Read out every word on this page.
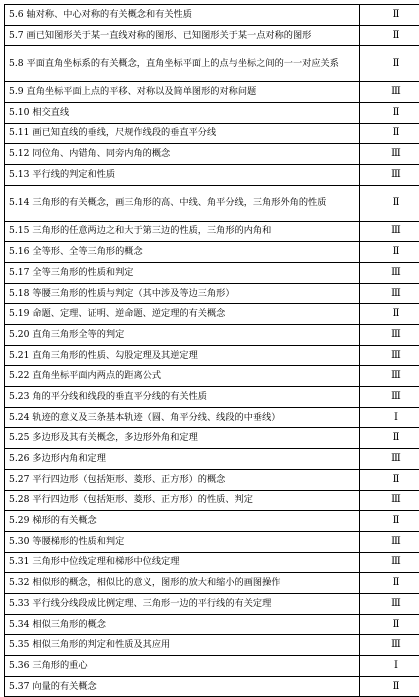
5.6 轴对称、中心对称的有关概念和有关性质	Ⅱ
5.7 画已知图形关于某一直线对称的图形、已知图形关于某一点对称的图形	Ⅱ
5.8 平面直角坐标系的有关概念，直角坐标平面上的点与坐标之间的一一对应关系	Ⅱ
5.9 直角坐标平面上点的平移、对称以及简单图形的对称问题	Ⅲ
5.10 相交直线	Ⅱ
5.11 画已知直线的垂线，尺规作线段的垂直平分线	Ⅱ
5.12 同位角、内错角、同旁内角的概念	Ⅲ
5.13 平行线的判定和性质	Ⅲ
5.14 三角形的有关概念，画三角形的高、中线、角平分线，三角形外角的性质	Ⅱ
5.15 三角形的任意两边之和大于第三边的性质，三角形的内角和	Ⅲ
5.16 全等形、全等三角形的概念	Ⅱ
5.17 全等三角形的性质和判定	Ⅲ
5.18 等腰三角形的性质与判定（其中涉及等边三角形）	Ⅲ
5.19 命题、定理、证明、逆命题、逆定理的有关概念	Ⅱ
5.20 直角三角形全等的判定	Ⅲ
5.21 直角三角形的性质、勾股定理及其逆定理	Ⅲ
5.22 直角坐标平面内两点的距离公式	Ⅲ
5.23 角的平分线和线段的垂直平分线的有关性质	Ⅲ
5.24 轨迹的意义及三条基本轨迹（圆、角平分线、线段的中垂线）	Ⅰ
5.25 多边形及其有关概念，多边形外角和定理	Ⅱ
5.26 多边形内角和定理	Ⅲ
5.27 平行四边形（包括矩形、菱形、正方形）的概念	Ⅱ
5.28 平行四边形（包括矩形、菱形、正方形）的性质、判定	Ⅲ
5.29 梯形的有关概念	Ⅱ
5.30 等腰梯形的性质和判定	Ⅲ
5.31 三角形中位线定理和梯形中位线定理	Ⅲ
5.32 相似形的概念，相似比的意义，图形的放大和缩小的画图操作	Ⅱ
5.33 平行线分线段成比例定理、三角形一边的平行线的有关定理	Ⅲ
5.34 相似三角形的概念	Ⅱ
5.35 相似三角形的判定和性质及其应用	Ⅲ
5.36 三角形的重心	Ⅰ
5.37 向量的有关概念	Ⅱ
